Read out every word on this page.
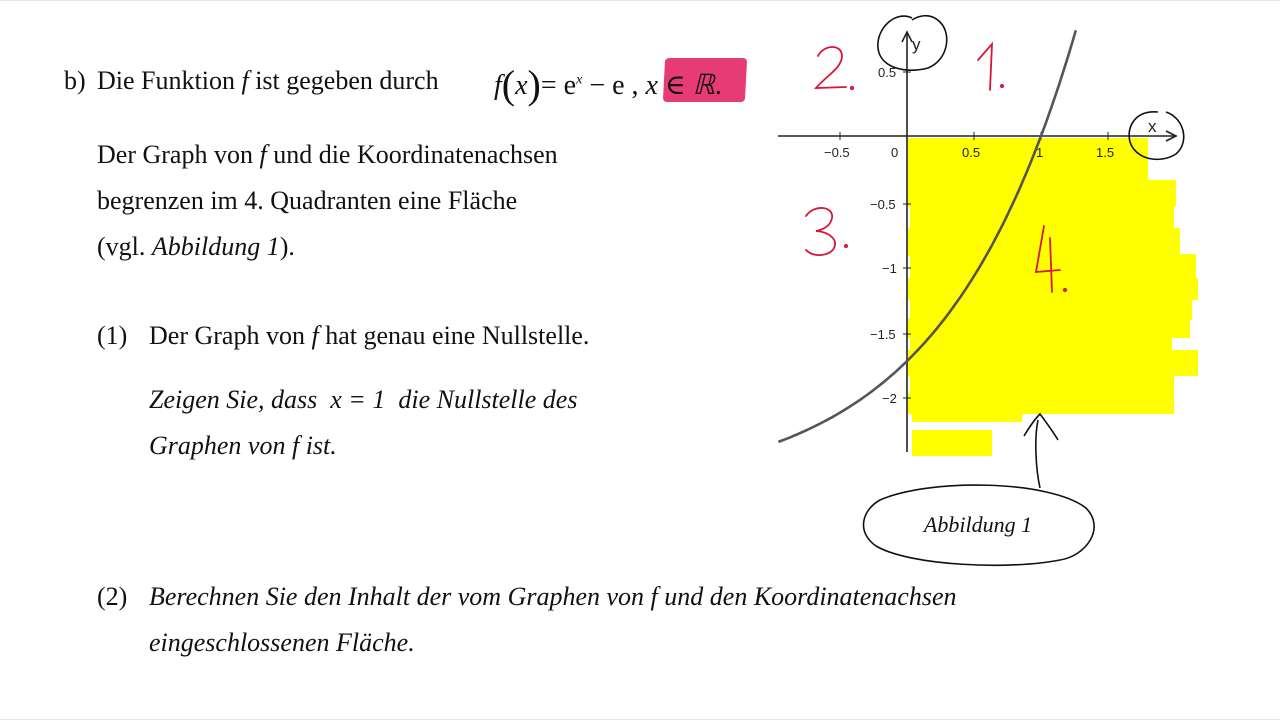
b) Die Funktion f ist gegeben durch $f(x)= e^x - e$ , x ∈ ℝ.
Der Graph von f und die Koordinatenachsen
begrenzen im 4. Quadranten eine Fläche
(vgl. Abbildung 1).
(1) Der Graph von f hat genau eine Nullstelle.
Zeigen Sie, dass x = 1 die Nullstelle des
Graphen von f ist.
(2) Berechnen Sie den Inhalt der vom Graphen von f und den Koordinatenachsen
eingeschlossenen Fläche.
−0.5	0	0.5	1	1.5
0.5
−0.5
−1
−1.5
−2
y
x
Abbildung 1
